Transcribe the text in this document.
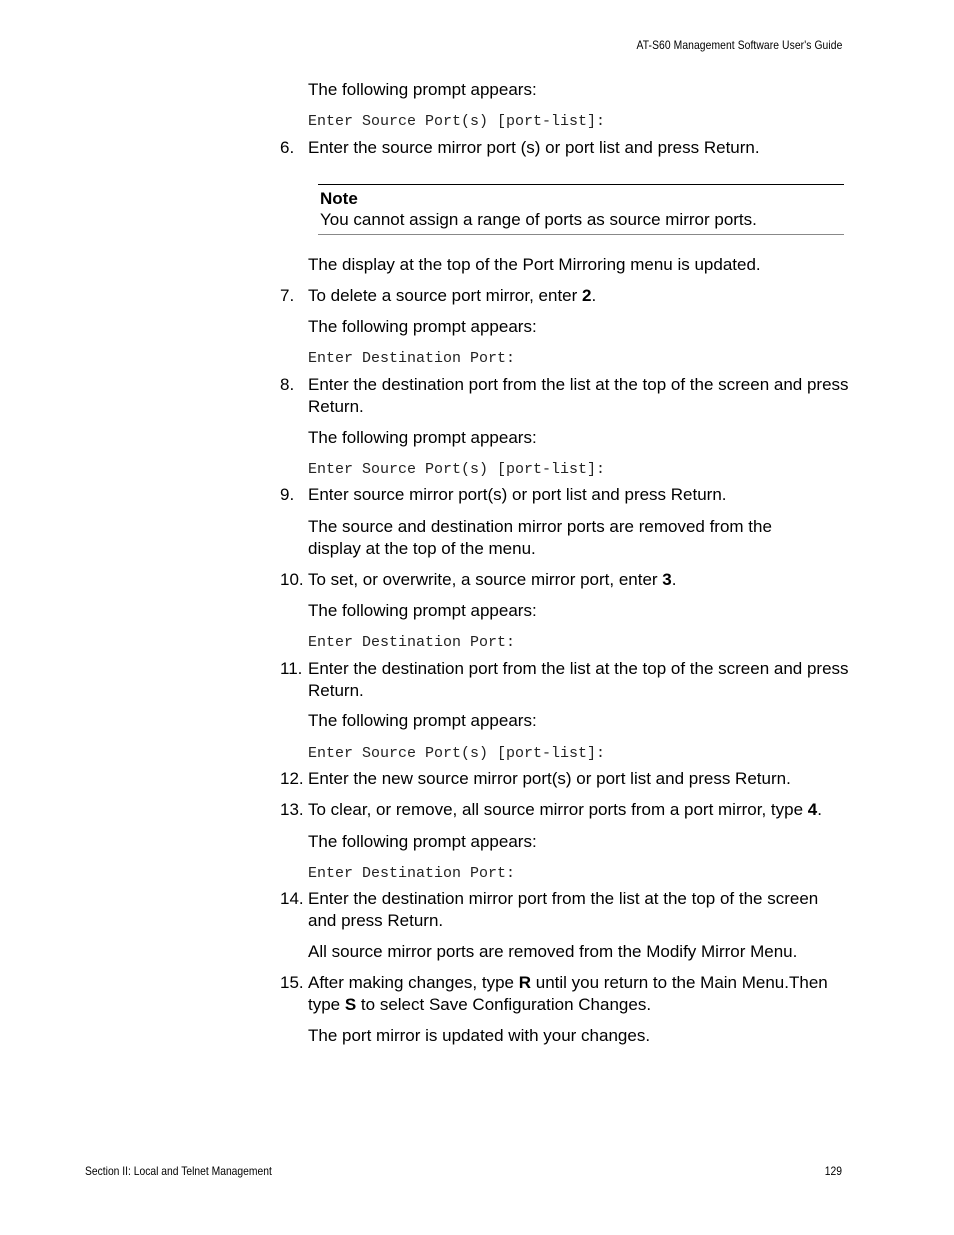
AT-S60 Management Software User's Guide
The following prompt appears:
Enter Source Port(s) [port-list]:
6. Enter the source mirror port (s) or port list and press Return.
Note
You cannot assign a range of ports as source mirror ports.
The display at the top of the Port Mirroring menu is updated.
7. To delete a source port mirror, enter 2.
The following prompt appears:
Enter Destination Port:
8. Enter the destination port from the list at the top of the screen and press Return.
The following prompt appears:
Enter Source Port(s) [port-list]:
9. Enter source mirror port(s) or port list and press Return.
The source and destination mirror ports are removed from the display at the top of the menu.
10. To set, or overwrite, a source mirror port, enter 3.
The following prompt appears:
Enter Destination Port:
11. Enter the destination port from the list at the top of the screen and press Return.
The following prompt appears:
Enter Source Port(s) [port-list]:
12. Enter the new source mirror port(s) or port list and press Return.
13. To clear, or remove, all source mirror ports from a port mirror, type 4.
The following prompt appears:
Enter Destination Port:
14. Enter the destination mirror port from the list at the top of the screen and press Return.
All source mirror ports are removed from the Modify Mirror Menu.
15. After making changes, type R until you return to the Main Menu.Then type S to select Save Configuration Changes.
The port mirror is updated with your changes.
Section II: Local and Telnet Management	129
